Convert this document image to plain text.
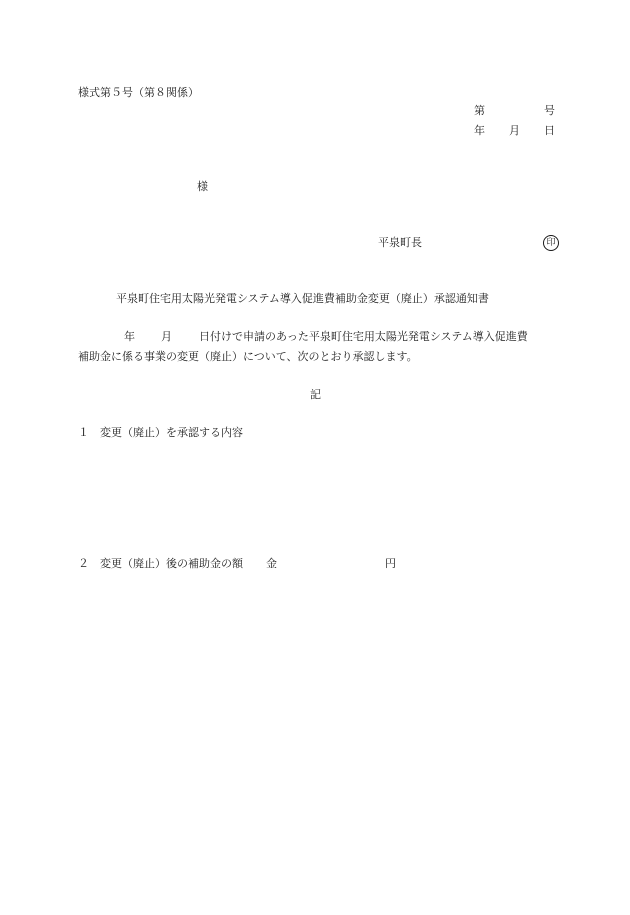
様式第５号（第８関係）
第	号
年 月 日
様
平泉町長	印
平泉町住宅用太陽光発電システム導入促進費補助金変更（廃止）承認通知書
年 月 日付けで申請のあった平泉町住宅用太陽光発電システム導入促進費
補助金に係る事業の変更（廃止）について、次のとおり承認します。
記
１ 変更（廃止）を承認する内容
２ 変更（廃止）後の補助金の額 金	円
